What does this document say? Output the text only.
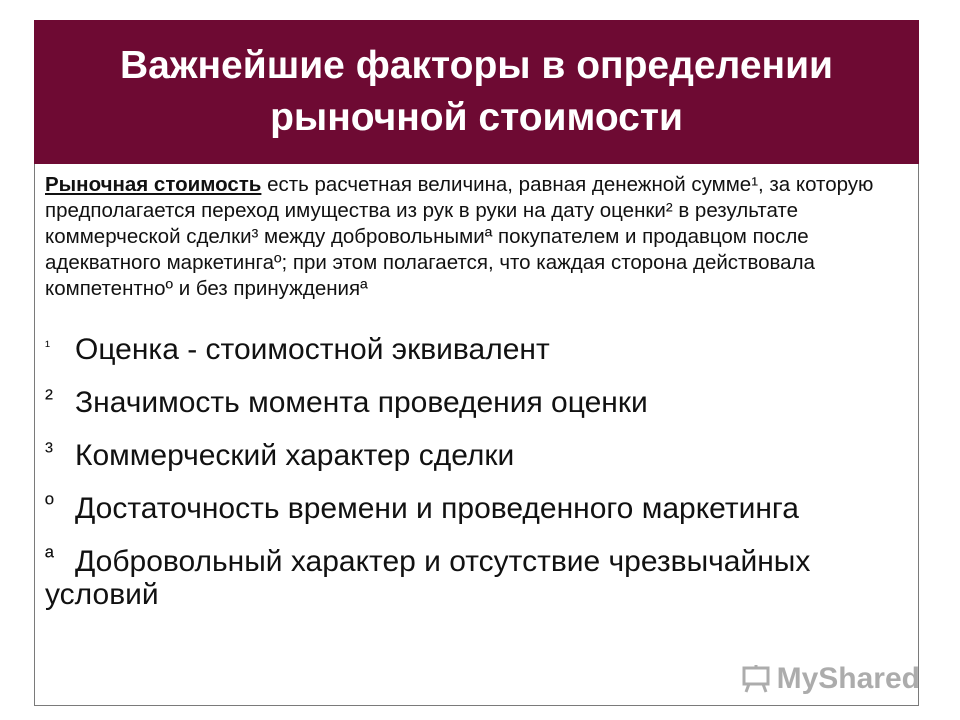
Важнейшие факторы в определении рыночной стоимости

Рыночная стоимость есть расчетная величина, равная денежной сумме¹, за которую предполагается переход имущества из рук в руки на дату оценки² в результате коммерческой сделки³ между добровольнымиª покупателем и продавцом после адекватного маркетингаº; при этом полагается, что каждая сторона действовала компетентноº и без принужденияª

¹ Оценка - стоимостной эквивалент
² Значимость момента проведения оценки
³ Коммерческий характер сделки
º Достаточность времени и проведенного маркетинга
ª Добровольный характер и отсутствие чрезвычайных условий
MyShared
